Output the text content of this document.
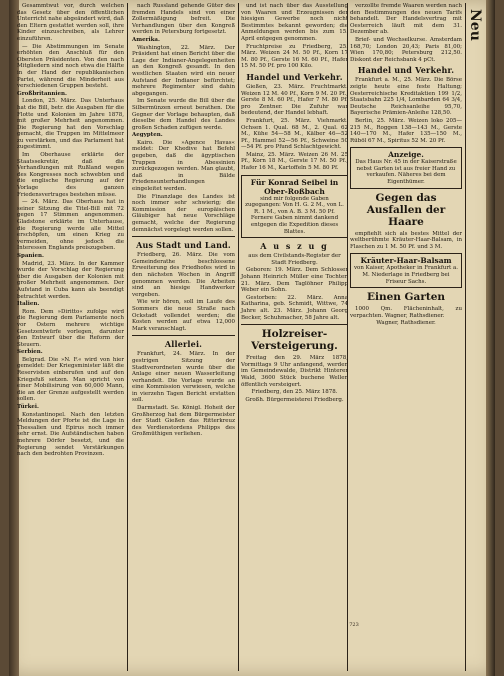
Gesammtwut vor, durch welchen das Gesetz über den öffentlichen Unterricht nahe abgeändert wird, daß den Eltern gestattet werden soll, ihre Kinder einzuschreiben, als Lehrer einzuführen.

— Die Abstimmungen im Senate erhöhten den Anschluß für den Obersten Präsidenten. Von den nach Mitgliedern sind noch etwa die Hälfte in der Hand der republikanischen Partei, während die Minderheit aus verschiedenen Gruppen besteht.

Großbritannien.

London, 25. März. Das Unterhaus hat die Bill, betr. die Ausgaben für die Flotte und Kolonien im Jahre 1878, mit großer Mehrheit angenommen. Die Regierung hat den Vorschlag gemacht, die Truppen im Mittelmeer zu verstärken, und das Parlament hat zugestimmt.

Im Oberhause erklärte der Staatssekretär, daß die Verhandlungen mit Rußland wegen des Kongresses noch schwebten und die englische Regierung auf der Vorlage des ganzen Friedensvertrages bestehen müsse.

— 24. März. Das Oberhaus hat in seiner Sitzung die Titel-Bill mit 72 gegen 17 Stimmen angenommen. Gladstone erklärte im Unterhause, die Regierung werde alle Mittel erschöpfen, um einen Krieg zu vermeiden, ohne jedoch die Interessen Englands preiszugeben.

Spanien.

Madrid, 23. März. In der Kammer wurde der Vorschlag der Regierung über die Ausgaben der Kolonien mit großer Mehrheit angenommen. Der Aufstand in Cuba kann als beendigt betrachtet werden.

Italien.

Rom. Dem »Diritto« zufolge wird die Regierung dem Parlamente noch vor Ostern mehrere wichtige Gesetzentwürfe vorlegen, darunter den Entwurf über die Reform der Steuern.

Serbien.

Belgrad. Die »N. F.« wird von hier gemeldet: Der Kriegsminister läßt die Reservisten einberufen und auf den Kriegsfuß setzen. Man spricht von einer Mobilisirung von 60,000 Mann, die an der Grenze aufgestellt werden sollen.

Türkei.

Konstantinopel. Nach den letzten Meldungen der Pforte ist die Lage in Thessalien und Epirus noch immer sehr ernst. Die Aufständischen haben mehrere Dörfer besetzt, und die Regierung sendet Verstärkungen nach den bedrohten Provinzen.

nach Russland gehende Güter des fremden Handels sind von einer Zollermäßigung befreit. Die Verhandlungen über den Kongreß werden in Petersburg fortgesetzt.

Amerika.

Washington, 22. März. Der Präsident hat einen Bericht über die Lage der Indianer-Angelegenheiten an den Kongreß gesandt. In den westlichen Staaten wird ein neuer Aufstand der Indianer befürchtet; mehrere Regimenter sind dahin abgegangen.

Im Senate wurde die Bill über die Silbermünzen erneut berathen. Die Gegner der Vorlage behaupten, daß dieselbe dem Handel des Landes großen Schaden zufügen werde.

Aegypten.

Kairo. Die »Agence Havas« meldet: Der Khedive hat Befehl gegeben, daß die ägyptischen Truppen in Abessinien zurückgezogen werden. Man glaubt, daß in Bälde Friedensunterhandlungen eingeleitet werden.

Die Finanzlage des Landes ist noch immer sehr schwierig; die Kommission der europäischen Gläubiger hat neue Vorschläge gemacht, welche der Regierung demnächst vorgelegt werden sollen.

Aus Stadt und Land.

Friedberg, 26. März. Die vom Gemeinderathe beschlossene Erweiterung des Friedhofes wird in den nächsten Wochen in Angriff genommen werden. Die Arbeiten sind an hiesige Handwerker vergeben.

Wie wir hören, soll im Laufe des Sommers die neue Straße nach Ockstadt vollendet werden; die Kosten werden auf etwa 12,000 Mark veranschlagt.

Allerlei.

Frankfurt, 24. März. In der gestrigen Sitzung der Stadtverordneten wurde über die Anlage einer neuen Wasserleitung verhandelt. Die Vorlage wurde an eine Kommission verwiesen, welche in vierzehn Tagen Bericht erstatten soll.

Darmstadt. Se. Königl. Hoheit der Großherzog hat dem Bürgermeister der Stadt Gießen das Ritterkreuz des Verdienstordens Philipps des Großmüthigen verliehen.

und ist nach über das Ausstellung von Waaren und Erzeugnissen der hiesigen Gewerbe noch nicht Bestimmtes bekannt geworden; die Anmeldungen werden bis zum 15. April entgegen genommen.

Fruchtpreise zu Friedberg, 25. März. Weizen 24 M. 50 Pf., Korn 17 M. 80 Pf., Gerste 16 M. 60 Pf., Hafer 15 M. 50 Pf. pro 100 Kilo.

Handel und Verkehr.

Gießen, 23. März. Fruchtmarkt. Weizen 12 M. 40 Pf., Korn 9 M. 20 Pf., Gerste 8 M. 60 Pf., Hafer 7 M. 80 Pf. pro Zentner. Die Zufuhr war bedeutend, der Handel lebhaft.

Frankfurt, 25. März. Viehmarkt. Ochsen 1. Qual. 68 M., 2. Qual. 62 M., Kühe 54—58 M., Kälber 46—52 Pf., Hammel 52—56 Pf., Schweine 50—54 Pf. pro Pfund Schlachtgewicht.

Mainz, 25. März. Weizen 26 M. 25 Pf., Korn 18 M., Gerste 17 M. 50 Pf., Hafer 16 M., Kartoffeln 5 M. 80 Pf.

Für Konrad Seibel in Ober-Roßbach
sind mir folgende Gaben zugegangen: Von H. G. 2 M., von L. R. 1 M., von A. B. 3 M. 50 Pf. Fernere Gaben nimmt dankend entgegen die Expedition dieses Blattes.
A u s z u g

aus dem Civilstands-Register der Stadt Friedberg.

Geboren: 19. März. Dem Schlosser Johann Heinrich Müller eine Tochter. 21. März. Dem Taglöhner Philipp Weber ein Sohn.

Gestorben: 22. März. Anna Katharina, geb. Schmidt, Wittwe, 74 Jahre alt. 23. März. Johann Georg Becker, Schuhmacher, 58 Jahre alt.

Holzreiser-Versteigerung.

Freitag den 29. März 1878, Vormittags 9 Uhr anfangend, werden im Gemeindewalde, Distrikt Hinterer Wald, 3600 Stück buchene Wellen öffentlich versteigert.

Friedberg, den 25. März 1878.

Großh. Bürgermeisterei Friedberg.

verzollte fremde Waaren werden nach den Bestimmungen des neuen Tarifs behandelt. Der Handelsvertrag mit Oesterreich läuft mit dem 31. Dezember ab.

Brief- und Wechselkurse. Amsterdam 168,70; London 20,43; Paris 81,00; Wien 170,80; Petersburg 212,50. Diskont der Reichsbank 4 pCt.

Handel und Verkehr.

Frankfurt a. M., 25. März. Die Börse zeigte heute eine feste Haltung; Oesterreichische Kreditaktien 199 1/2, Staatsbahn 225 1/4, Lombarden 64 3/4, Deutsche Reichsanleihe 95,70, Bayerische Prämien-Anleihe 128,50.

Berlin, 25. März. Weizen loko 205—215 M., Roggen 138—143 M., Gerste 140—170 M., Hafer 135—150 M., Rüböl 67 M., Spiritus 52 M. 20 Pf.

Anzeige.
Das Haus Nr. 45 in der Kaiserstraße nebst Garten ist aus freier Hand zu verkaufen. Näheres bei dem Eigenthümer.
Gegen das Ausfallen der Haare

empfiehlt sich als bestes Mittel der weltberühmte Kräuter-Haar-Balsam, in Flaschen zu 1 M. 50 Pf. und 3 M.

Kräuter-Haar-Balsam
von Kaiser, Apotheker in Frankfurt a. M. Niederlage in Friedberg bei Friseur Sachs.
Einen Garten

1000 Qm. Flächeninhalt, zu verpachten. Wagner, Rathsdiener.

Wagner, Rathsdiener.

Neu
723
